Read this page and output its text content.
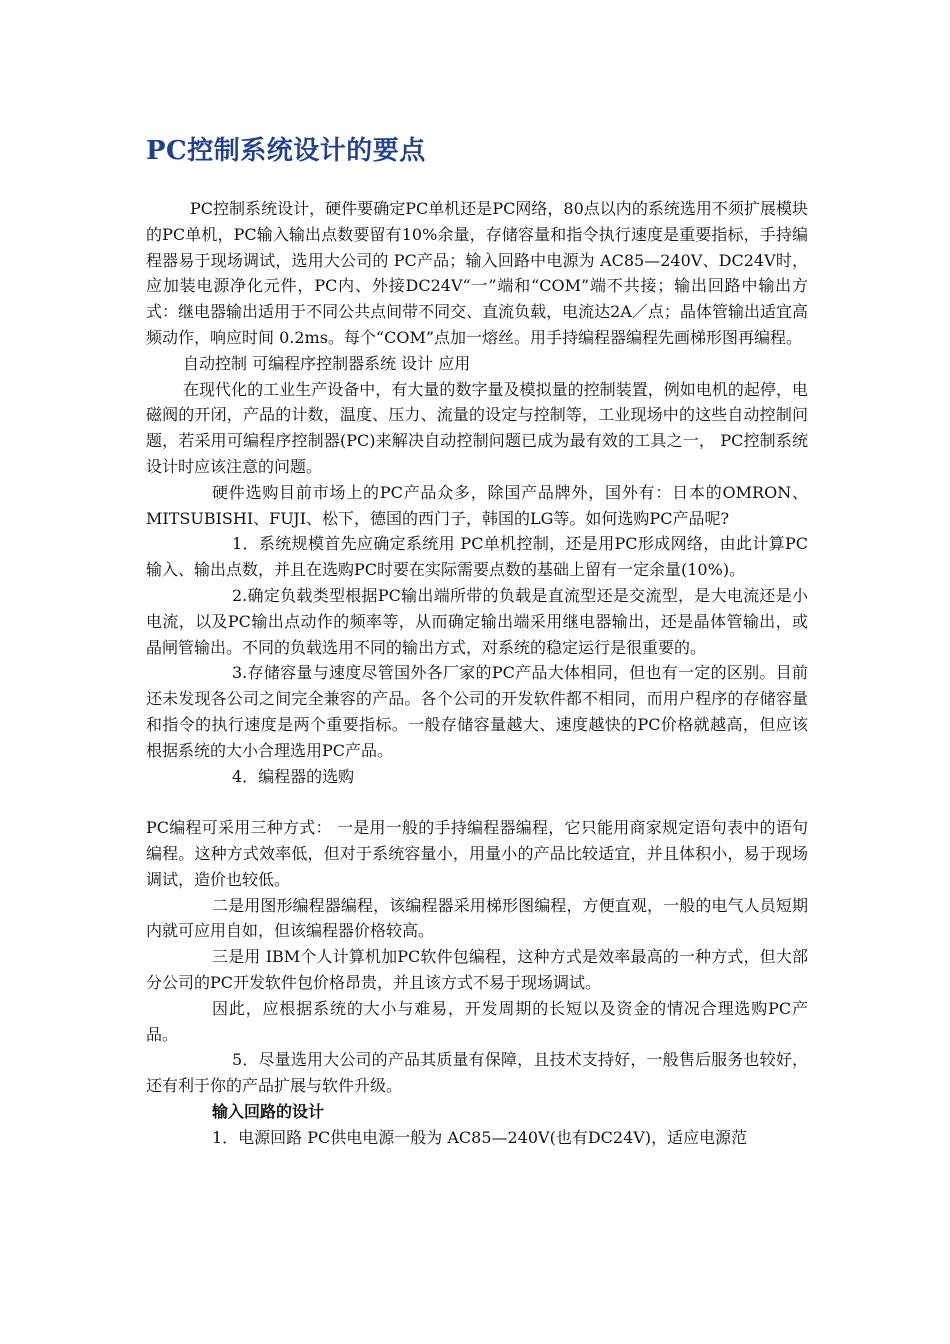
PC控制系统设计的要点

PC控制系统设计，硬件要确定PC单机还是PC网络，80点以内的系统选用不须扩展模块的PC单机，PC输入输出点数要留有10%余量，存储容量和指令执行速度是重要指标，手持编程器易于现场调试，选用大公司的 PC产品；输入回路中电源为 AC85—240V、DC24V时，应加装电源净化元件，PC内、外接DC24V“一”端和“COM”端不共接；输出回路中输出方式：继电器输出适用于不同公共点间带不同交、直流负载，电流达2A／点；晶体管输出适宜高频动作，响应时间 0.2ms。每个“COM”点加一熔丝。用手持编程器编程先画梯形图再编程。

自动控制 可编程序控制器系统 设计 应用

在现代化的工业生产设备中，有大量的数字量及模拟量的控制装置，例如电机的起停，电磁阀的开闭，产品的计数，温度、压力、流量的设定与控制等，工业现场中的这些自动控制问题，若采用可编程序控制器(PC)来解决自动控制问题已成为最有效的工具之一， PC控制系统设计时应该注意的问题。

硬件选购目前市场上的PC产品众多，除国产品牌外，国外有：日本的OMRON、MITSUBISHI、FUJI、松下，德国的西门子，韩国的LG等。如何选购PC产品呢?

1．系统规模首先应确定系统用 PC单机控制，还是用PC形成网络，由此计算PC输入、输出点数，并且在选购PC时要在实际需要点数的基础上留有一定余量(10%)。

2.确定负载类型根据PC输出端所带的负载是直流型还是交流型，是大电流还是小电流，以及PC输出点动作的频率等，从而确定输出端采用继电器输出，还是晶体管输出，或晶闸管输出。不同的负载选用不同的输出方式，对系统的稳定运行是很重要的。

3.存储容量与速度尽管国外各厂家的PC产品大体相同，但也有一定的区别。目前还未发现各公司之间完全兼容的产品。各个公司的开发软件都不相同，而用户程序的存储容量和指令的执行速度是两个重要指标。一般存储容量越大、速度越快的PC价格就越高，但应该根据系统的大小合理选用PC产品。

4．编程器的选购

PC编程可采用三种方式： 一是用一般的手持编程器编程，它只能用商家规定语句表中的语句编程。这种方式效率低，但对于系统容量小，用量小的产品比较适宜，并且体积小，易于现场调试，造价也较低。

二是用图形编程器编程，该编程器采用梯形图编程，方便直观，一般的电气人员短期内就可应用自如，但该编程器价格较高。

三是用 IBM个人计算机加PC软件包编程，这种方式是效率最高的一种方式，但大部分公司的PC开发软件包价格昂贵，并且该方式不易于现场调试。

因此，应根据系统的大小与难易，开发周期的长短以及资金的情况合理选购PC产品。

5．尽量选用大公司的产品其质量有保障，且技术支持好，一般售后服务也较好，还有利于你的产品扩展与软件升级。

输入回路的设计

1．电源回路 PC供电电源一般为 AC85—240V(也有DC24V)，适应电源范
